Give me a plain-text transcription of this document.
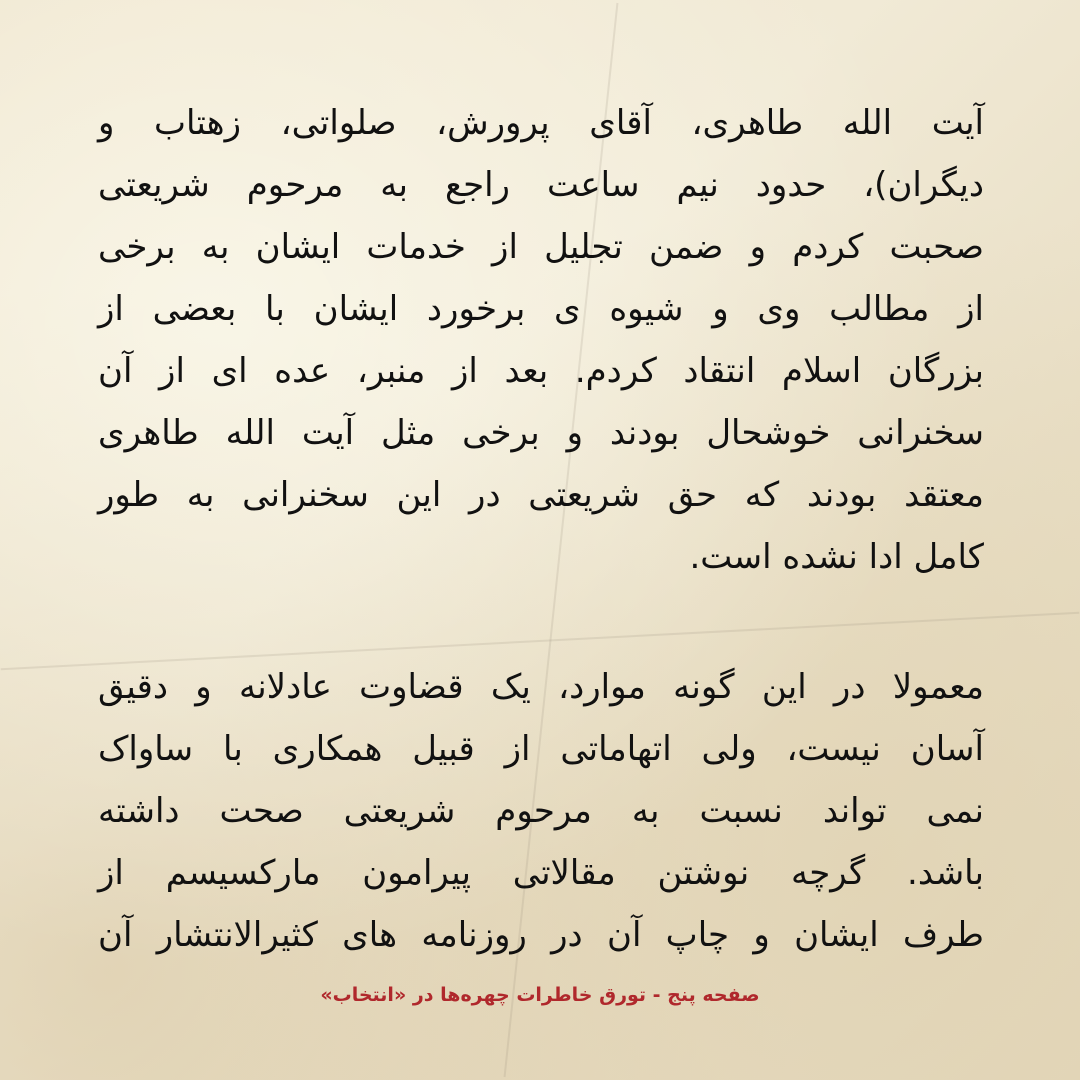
آیت الله طاهری، آقای پرورش، صلواتی، زهتاب و
دیگران)، حدود نیم ساعت راجع به مرحوم شریعتی
صحبت کردم و ضمن تجلیل از خدمات ایشان به برخی
از مطالب وی و شیوه ی برخورد ایشان با بعضی از
بزرگان اسلام انتقاد کردم. بعد از منبر، عده ای از آن
سخنرانی خوشحال بودند و برخی مثل آیت الله طاهری
معتقد بودند که حق شریعتی در این سخنرانی به طور
کامل ادا نشده است.
معمولا در این گونه موارد، یک قضاوت عادلانه و دقیق
آسان نیست، ولی اتهاماتی از قبیل همکاری با ساواک
نمی تواند نسبت به مرحوم شریعتی صحت داشته
باشد. گرچه نوشتن مقالاتی پیرامون مارکسیسم از
طرف ایشان و چاپ آن در روزنامه های کثیرالانتشار آن
صفحه پنج - تورق خاطرات چهره‌ها در «انتخاب»
